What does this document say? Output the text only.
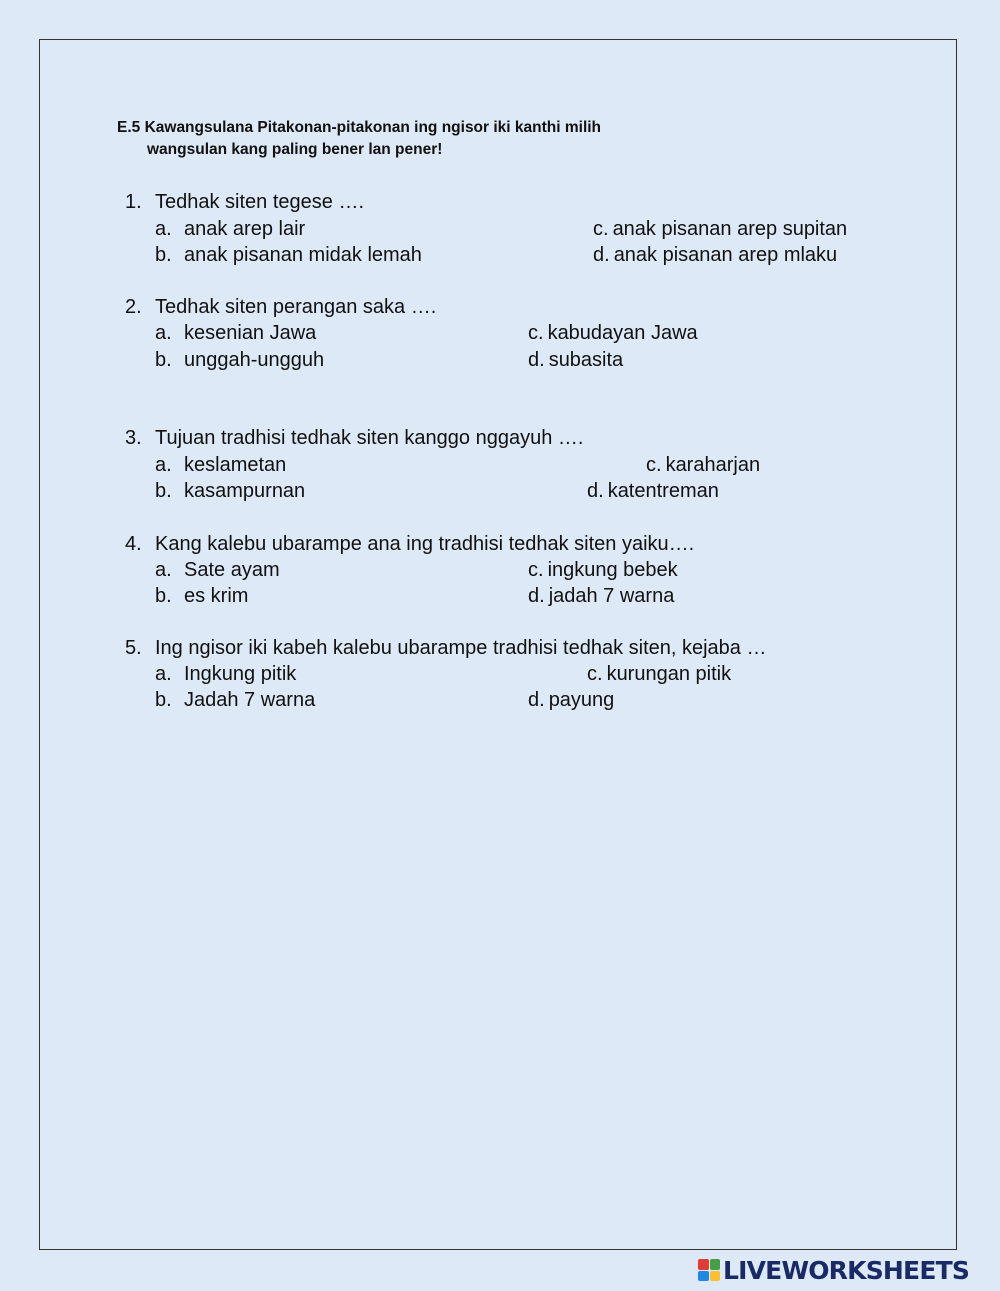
E.5 Kawangsulana Pitakonan-pitakonan ing ngisor iki kanthi milih
wangsulan kang paling bener lan pener!
1. Tedhak siten tegese ….
a. anak arep lair
b. anak pisanan midak lemah
c. anak pisanan arep supitan
d. anak pisanan arep mlaku
2. Tedhak siten perangan saka ….
a. kesenian Jawa
b. unggah-ungguh
c. kabudayan Jawa
d. subasita
3. Tujuan tradhisi tedhak siten kanggo nggayuh ….
a. keslametan
b. kasampurnan
c. karaharjan
d. katentreman
4. Kang kalebu ubarampe ana ing tradhisi tedhak siten yaiku….
a. Sate ayam
b. es krim
c. ingkung bebek
d. jadah 7 warna
5. Ing ngisor iki kabeh kalebu ubarampe tradhisi tedhak siten, kejaba …
a. Ingkung pitik
b. Jadah 7 warna
c. kurungan pitik
d. payung
LIVEWORKSHEETS
